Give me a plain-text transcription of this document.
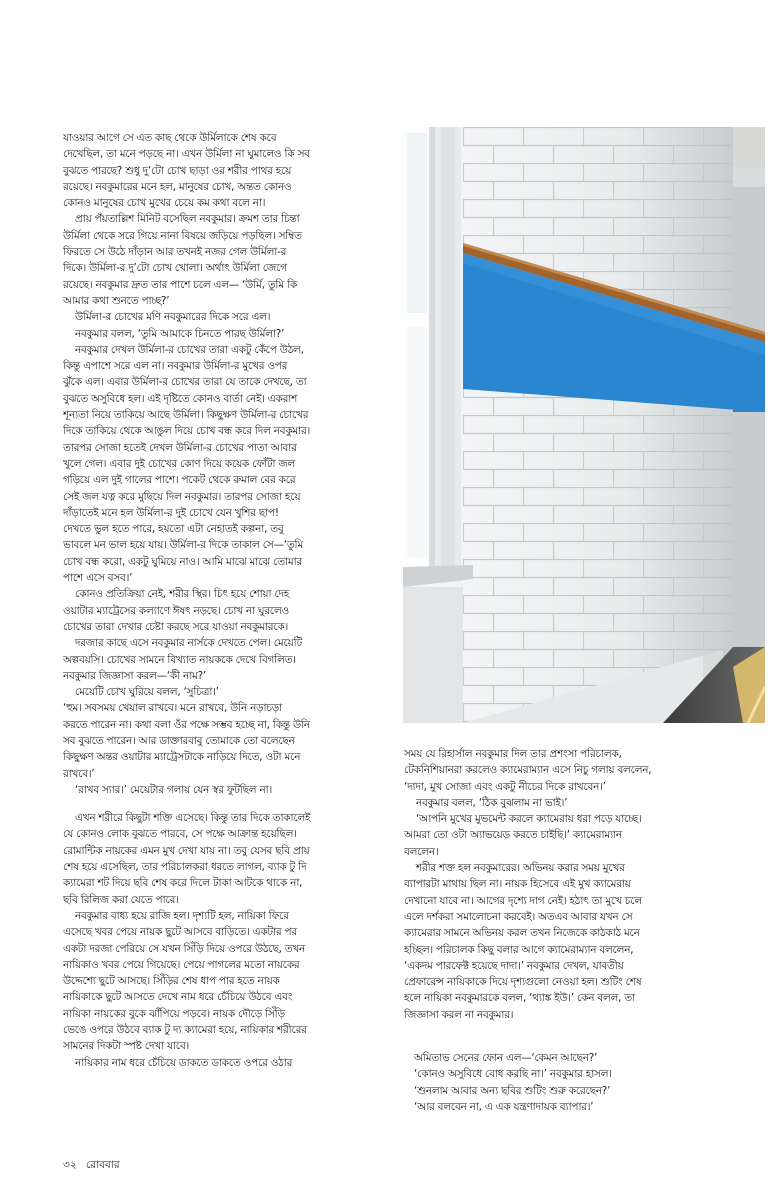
যাওয়ার আগে সে এত কাছ থেকে উর্মিলাকে শেষ কবে

দেখেছিল, তা মনে পড়ছে না। এখন উর্মিলা না ঘুমালেও কি সব

বুঝতে পারছে? শুধু দু’টো চোখ ছাড়া ওর শরীর পাথর হয়ে

রয়েছে। নবকুমারের মনে হল, মানুষের চোখ, অন্তত কোনও

কোনও মানুষের চোখ মুখের চেয়ে কম কথা বলে না।

প্রায় পঁয়তাল্লিশ মিনিট বসেছিল নবকুমার। ক্রমশ তার চিন্তা

উর্মিলা থেকে সরে গিয়ে নানা বিষয়ে জড়িয়ে পড়ছিল। সম্বিত

ফিরতে সে উঠে দাঁড়ান আর তখনই নজর গেল উর্মিলা-র

দিকে। উর্মিলা-র দু’টো চোখ খোলা। অর্থাৎ উর্মিলা জেগে

রয়েছে। নবকুমার দ্রুত তার পাশে চলে এল— ‘উর্মি, তুমি কি

আমার কথা শুনতে পাচ্ছ?’

উর্মিলা-র চোখের মণি নবকুমারের দিকে সরে এল।

নবকুমার বলল, ‘তুমি আমাকে চিনতে পারছ উর্মিলা?’

নবকুমার দেখল উর্মিলা-র চোখের তারা একটু কেঁপে উঠল,

কিন্তু এপাশে সরে এল না। নবকুমার উর্মিলা-র মুখের ওপর

ঝুঁকে এল। এবার উর্মিলা-র চোখের তারা যে তাকে দেখছে, তা

বুঝতে অসুবিধে হল। এই দৃষ্টিতে কোনও বার্তা নেই। একরাশ

শূন্যতা নিয়ে তাকিয়ে আছে উর্মিলা। কিছুক্ষণ উর্মিলা-র চোখের

দিকে তাকিয়ে থেকে আঙুল দিয়ে চোখ বন্ধ করে দিল নবকুমার।

তারপর সোজা হতেই দেখল উর্মিলা-র চোখের পাতা আবার

খুলে গেল। এবার দুই চোখের কোণ দিয়ে কয়েক ফোঁটা জল

গড়িয়ে এল দুই গালের পাশে। পকেট থেকে রুমাল বের করে

সেই জল যত্ন করে মুছিয়ে দিল নবকুমার। তারপর সোজা হয়ে

দাঁড়াতেই মনে হল উর্মিলা-র দুই চোখে যেন খুশির ছাপ!

দেখতে ভুল হতে পারে, হয়তো এটা নেহাতই কল্পনা, তবু

ভাবলে মন ভাল হয়ে যায়। উর্মিলা-র দিকে তাকাল সে—‘তুমি

চোখ বন্ধ করো, একটু ঘুমিয়ে নাও। আমি মাঝে মাঝে তোমার

পাশে এসে বসব।’

কোনও প্রতিক্রিয়া নেই, শরীর স্থির। চিৎ হয়ে শোয়া দেহ

ওয়াটার ম্যাট্রেসের কল্যাণে ঈষৎ নড়ছে। চোখ না ঘুরলেও

চোখের তারা দেখার চেষ্টা করছে সরে যাওয়া নবকুমারকে।

দরজার কাছে এসে নবকুমার নার্সকে দেখতে পেল। মেয়েটি

অল্পবয়সি। চোখের সামনে বিখ্যাত নায়ককে দেখে বিগলিত।

নবকুমার জিজ্ঞাসা করল—‘কী নাম?’

মেয়েটি চোখ ঘুরিয়ে বলল, ‘সুচিত্রা।’

‘হুম। সবসময় খেয়াল রাখবে। মনে রাখবে, উনি নড়াচড়া

করতে পারেন না। কথা বলা ওঁর পক্ষে সম্ভব হচ্ছে না, কিন্তু উনি

সব বুঝতে পারেন। আর ডাক্তারবাবু তোমাকে তো বলেছেন

কিছুক্ষণ অন্তর ওয়াটার ম্যাট্রেসটাকে নাড়িয়ে দিতে, ওটা মনে

রাখবে।’

‘রাখব স্যার।’ মেয়েটার গলায় যেন স্বর ফুটছিল না।

এখন শরীরে কিছুটা শক্তি এসেছে। কিন্তু তার দিকে তাকালেই

যে কোনও লোক বুঝতে পারবে, সে পক্ষে আক্রান্ত হয়েছিল।

রোমান্টিক নায়কের এমন মুখ দেখা যায় না। তবু যেসব ছবি প্রায়

শেষ হয়ে এসেছিল, তার পরিচালকরা ধরতে লাগল, ব্যাক টু দি

ক্যামেরা শট দিয়ে ছবি শেষ করে দিলে টাকা আটকে থাকে না,

ছবি রিলিজ করা যেতে পারে।

নবকুমার বাধ্য হয়ে রাজি হল। দৃশ্যটি হল, নায়িকা ফিরে

এসেছে খবর পেয়ে নায়ক ছুটে আসবে বাড়িতে। একটার পর

একটা দরজা পেরিয়ে সে যখন সিঁড়ি দিয়ে ওপরে উঠছে, তখন

নায়িকাও খবর পেয়ে গিয়েছে। পেয়ে পাগলের মতো নায়কের

উদ্দেশ্যে ছুটে আসছে। সিঁড়ির শেষ ধাপ পার হতে নায়ক

নায়িকাকে ছুটে আসতে দেখে নাম ধরে চেঁচিয়ে উঠবে এবং

নায়িকা নায়কের বুকে ঝাঁপিয়ে পড়বে। নায়ক দৌড়ে সিঁড়ি

ভেঙে ওপরে উঠবে ব্যাক টু দ্য ক্যামেরা হয়ে, নায়িকার শরীরের

সামনের দিকটা স্পষ্ট দেখা যাবে।

নায়িকার নাম ধরে চেঁচিয়ে ডাকতে ডাকতে ওপরে ওঠার

সময় যে রিহার্সাল নবকুমার দিল তার প্রশংসা পরিচালক,

টেকনিশিয়ানরা করলেও ক্যামেরাম্যান এসে নিচু গলায় বললেন,

‘দাদা, মুখ সোজা এবং একটু নীচের দিকে রাখবেন।’

নবকুমার বলল, ‘ঠিক বুঝলাম না ভাই।’

‘আপনি মুখের মুভমেন্ট করলে ক্যামেরায় ধরা পড়ে যাচ্ছে।

আমরা তো ওটা অ্যাভয়েড করতে চাইছি।’ ক্যামেরাম্যান

বললেন।

শরীর শক্ত হল নবকুমারের। অভিনয় করার সময় মুখের

ব্যাপারটা মাথায় ছিল না। নায়ক হিসেবে এই মুখ ক্যামেরায়

দেখানো যাবে না। আগের দৃশ্যে দাগ নেই। হঠাৎ তা মুখে চলে

এলে দর্শকরা সমালোচনা করবেই। অতএব আবার যখন সে

ক্যামেরার সামনে অভিনয় করল তখন নিজেকে কাঠকাঠ মনে

হচ্ছিল। পরিচালক কিছু বলার আগে ক্যামেরাম্যান বললেন,

‘একদম পারফেক্ট হয়েছে দাদা।’ নবকুমার দেখল, যাবতীয়

প্রেফারেন্স নায়িকাকে দিয়ে দৃশ্যগুলো নেওয়া হল। শুটিং শেষ

হলে নায়িকা নবকুমারকে বলল, ‘থ্যাঙ্ক ইউ।’ কেন বলল, তা

জিজ্ঞাসা করল না নবকুমার।

অমিতাভ সেনের ফোন এল—‘কেমন আছেন?’

‘কোনও অসুবিধে বোধ করছি না।’ নবকুমার হাসল।

‘শুনলাম আবার অন্য ছবির শুটিং শুরু করেছেন?’

‘আর বলবেন না, এ এক যন্ত্রণাদায়ক ব্যাপার।’

৩২ রোববার
